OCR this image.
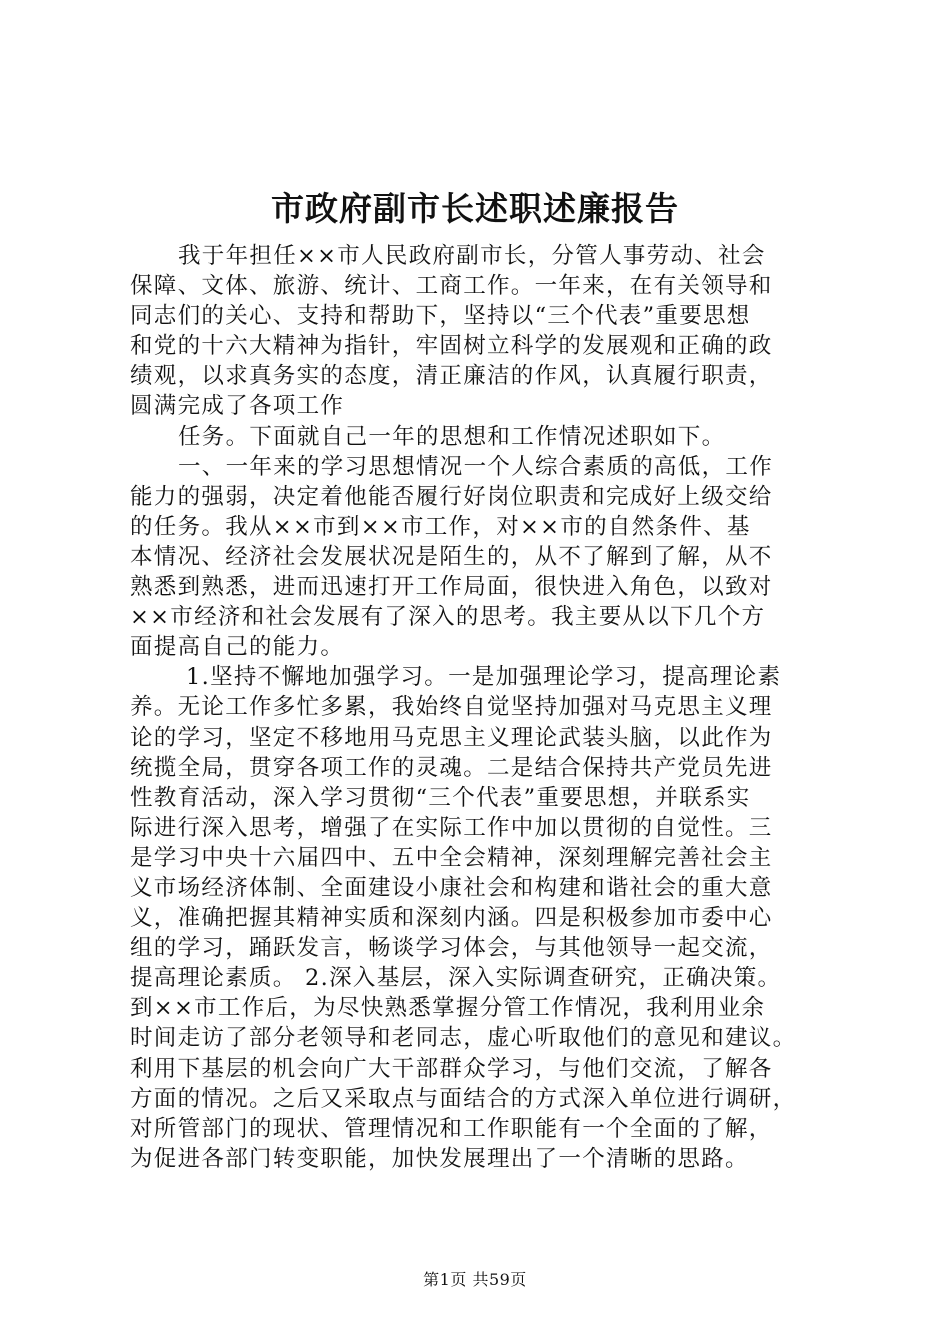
市政府副市长述职述廉报告
我于年担任××市人民政府副市长，分管人事劳动、社会
保障、文体、旅游、统计、工商工作。一年来，在有关领导和
同志们的关心、支持和帮助下，坚持以“三个代表”重要思想
和党的十六大精神为指针，牢固树立科学的发展观和正确的政
绩观，以求真务实的态度，清正廉洁的作风，认真履行职责，
圆满完成了各项工作
任务。下面就自己一年的思想和工作情况述职如下。
一、一年来的学习思想情况一个人综合素质的高低，工作
能力的强弱，决定着他能否履行好岗位职责和完成好上级交给
的任务。我从××市到××市工作，对××市的自然条件、基
本情况、经济社会发展状况是陌生的，从不了解到了解，从不
熟悉到熟悉，进而迅速打开工作局面，很快进入角色，以致对
××市经济和社会发展有了深入的思考。我主要从以下几个方
面提高自己的能力。
1.坚持不懈地加强学习。一是加强理论学习，提高理论素
养。无论工作多忙多累，我始终自觉坚持加强对马克思主义理
论的学习，坚定不移地用马克思主义理论武装头脑，以此作为
统揽全局，贯穿各项工作的灵魂。二是结合保持共产党员先进
性教育活动，深入学习贯彻“三个代表”重要思想，并联系实
际进行深入思考，增强了在实际工作中加以贯彻的自觉性。三
是学习中央十六届四中、五中全会精神，深刻理解完善社会主
义市场经济体制、全面建设小康社会和构建和谐社会的重大意
义，准确把握其精神实质和深刻内涵。四是积极参加市委中心
组的学习，踊跃发言，畅谈学习体会，与其他领导一起交流，
提高理论素质。 2.深入基层，深入实际调查研究，正确决策。
到××市工作后，为尽快熟悉掌握分管工作情况，我利用业余
时间走访了部分老领导和老同志，虚心听取他们的意见和建议。
利用下基层的机会向广大干部群众学习，与他们交流，了解各
方面的情况。之后又采取点与面结合的方式深入单位进行调研，
对所管部门的现状、管理情况和工作职能有一个全面的了解，
为促进各部门转变职能，加快发展理出了一个清晰的思路。
第1页 共59页
